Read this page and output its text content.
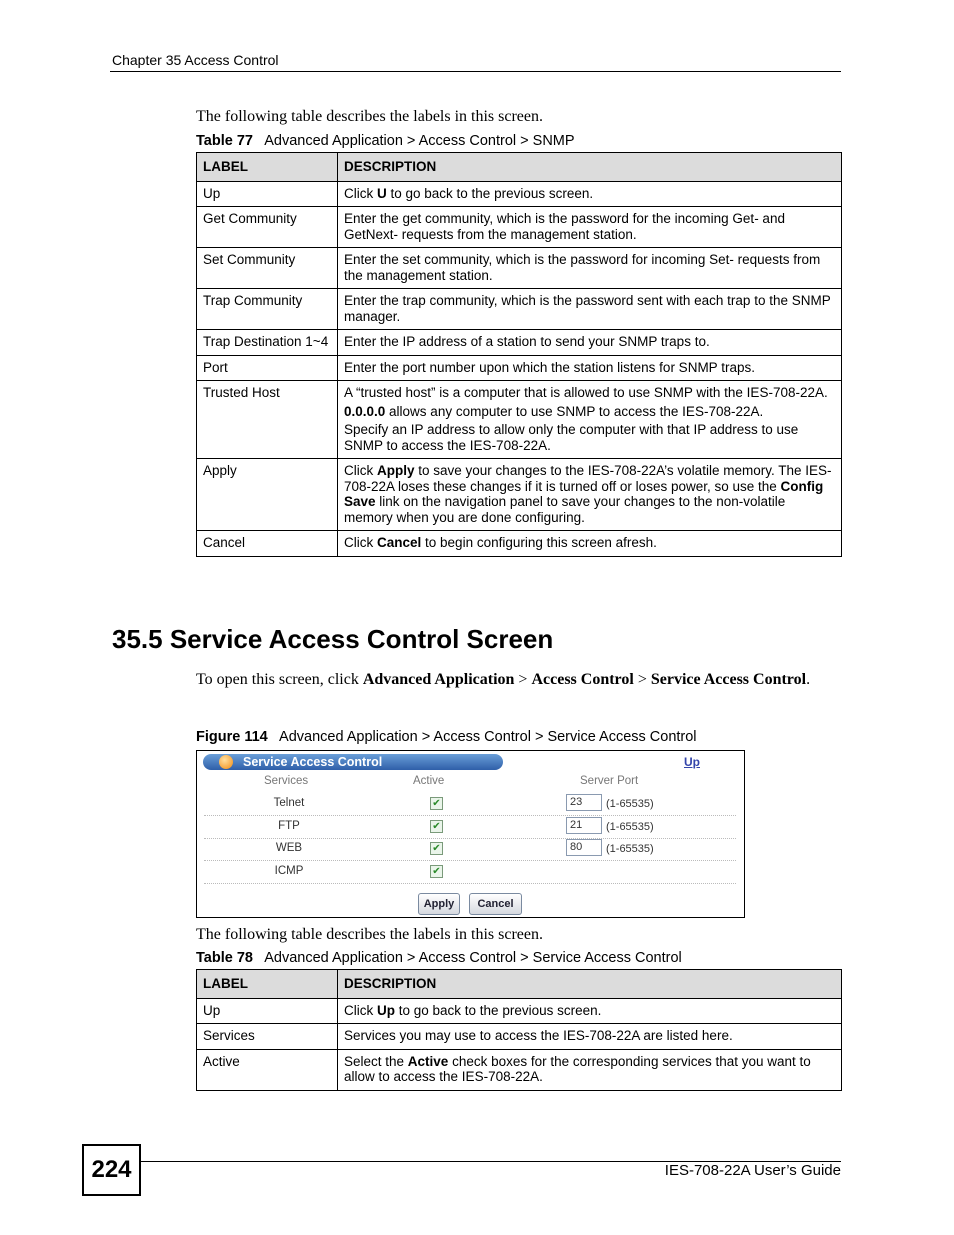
Chapter 35 Access Control
The following table describes the labels in this screen.
Table 77 Advanced Application > Access Control > SNMP
LABEL	DESCRIPTION
Up	Click U to go back to the previous screen.

Get Community	Enter the get community, which is the password for the incoming Get- and GetNext- requests from the management station.

Set Community	Enter the set community, which is the password for incoming Set- requests from the management station.

Trap Community	Enter the trap community, which is the password sent with each trap to the SNMP manager.

Trap Destination 1~4	Enter the IP address of a station to send your SNMP traps to.

Port	Enter the port number upon which the station listens for SNMP traps.

Trusted Host	A “trusted host” is a computer that is allowed to use SNMP with the IES-708-22A.

0.0.0.0 allows any computer to use SNMP to access the IES-708-22A.

Specify an IP address to allow only the computer with that IP address to use SNMP to access the IES-708-22A.

Apply	Click Apply to save your changes to the IES-708-22A’s volatile memory. The IES-708-22A loses these changes if it is turned off or loses power, so use the Config Save link on the navigation panel to save your changes to the non-volatile memory when you are done configuring.

Cancel	Click Cancel to begin configuring this screen afresh.

35.5 Service Access Control Screen
To open this screen, click Advanced Application > Access Control > Service Access Control.
Figure 114 Advanced Application > Access Control > Service Access Control
Service Access Control	Up
Services	Active	Server Port
Telnet	✔	23	(1-65535)
FTP	✔	21	(1-65535)
WEB	✔	80	(1-65535)
ICMP	✔
Apply	Cancel
The following table describes the labels in this screen.
Table 78 Advanced Application > Access Control > Service Access Control
LABEL	DESCRIPTION
Up	Click Up to go back to the previous screen.

Services	Services you may use to access the IES-708-22A are listed here.

Active	Select the Active check boxes for the corresponding services that you want to allow to access the IES-708-22A.

224	IES-708-22A User’s Guide
